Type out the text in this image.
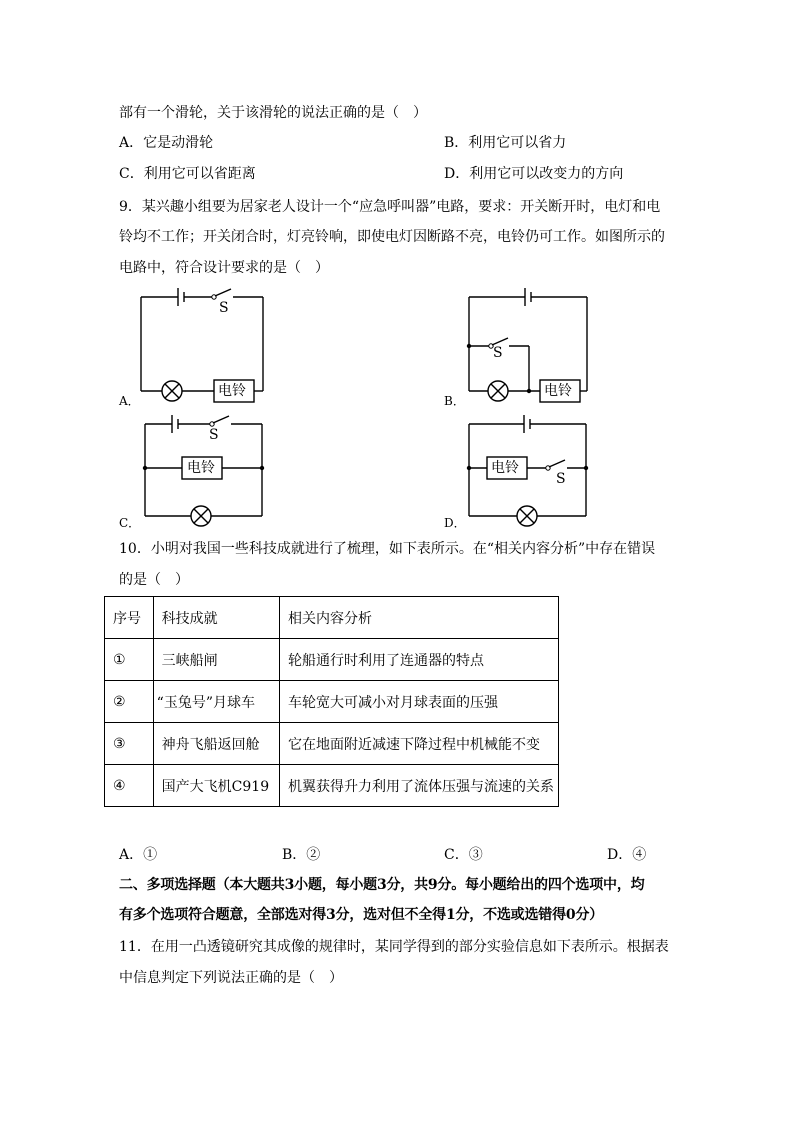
部有一个滑轮，关于该滑轮的说法正确的是（　）
A．它是动滑轮	B．利用它可以省力
C．利用它可以省距离	D．利用它可以改变力的方向
9．某兴趣小组要为居家老人设计一个“应急呼叫器”电路，要求：开关断开时，电灯和电
铃均不工作；开关闭合时，灯亮铃响，即使电灯因断路不亮，电铃仍可工作。如图所示的
电路中，符合设计要求的是（　）
S
电铃
A．
S
电铃
B．
S
电铃
C．
S
电铃
D．
10．小明对我国一些科技成就进行了梳理，如下表所示。在“相关内容分析”中存在错误
的是（　）
序号	科技成就	相关内容分析
①	三峡船闸	轮船通行时利用了连通器的特点
②	“玉兔号”月球车	车轮宽大可减小对月球表面的压强
③	神舟飞船返回舱	它在地面附近减速下降过程中机械能不变
④	国产大飞机C919	机翼获得升力利用了流体压强与流速的关系
A．①	B．②	C．③	D．④
二、多项选择题（本大题共3小题，每小题3分，共9分。每小题给出的四个选项中，均
有多个选项符合题意，全部选对得3分，选对但不全得1分，不选或选错得0分）
11．在用一凸透镜研究其成像的规律时，某同学得到的部分实验信息如下表所示。根据表
中信息判定下列说法正确的是（　）
